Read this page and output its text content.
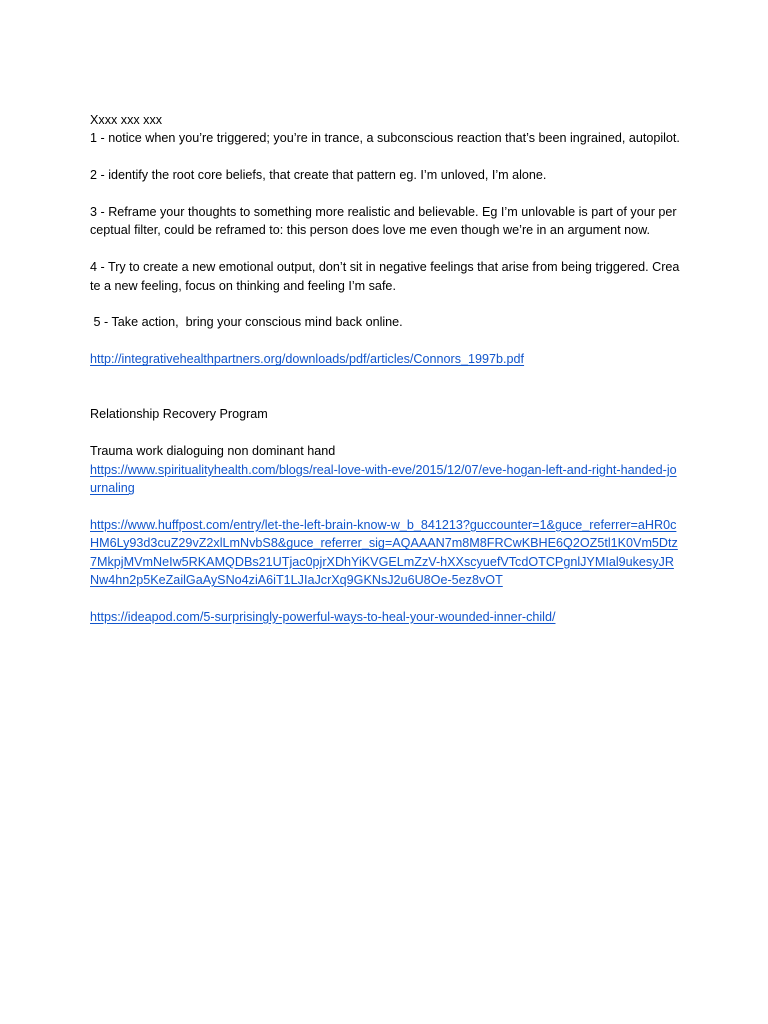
Xxxx xxx xxx
1 - notice when you’re triggered; you’re in trance, a subconscious reaction that’s been ingrained, autopilot.
2 - identify the root core beliefs, that create that pattern eg. I’m unloved, I’m alone.
3 - Reframe your thoughts to something more realistic and believable. Eg I’m unlovable is part of your perceptual filter, could be reframed to: this person does love me even though we’re in an argument now.
4 - Try to create a new emotional output, don’t sit in negative feelings that arise from being triggered. Create a new feeling, focus on thinking and feeling I’m safe.
5 - Take action,  bring your conscious mind back online.
http://integrativehealthpartners.org/downloads/pdf/articles/Connors_1997b.pdf
Relationship Recovery Program
Trauma work dialoguing non dominant hand
https://www.spiritualityhealth.com/blogs/real-love-with-eve/2015/12/07/eve-hogan-left-and-right-handed-journaling
https://www.huffpost.com/entry/let-the-left-brain-know-w_b_841213?guccounter=1&guce_referrer=aHR0cHM6Ly93d3cuZ29vZ2xlLmNvbS8&guce_referrer_sig=AQAAAN7m8M8FRCwKBHE6Q2OZ5tl1K0Vm5Dtz7MkpjMVmNeIw5RKAMQDBs21UTjac0pjrXDhYiKVGELmZzV-hXXscyuefVTcdOTCPgnlJYMIal9ukesyJRNw4hn2p5KeZailGaAySNo4ziA6iT1LJIaJcrXq9GKNsJ2u6U8Oe-5ez8vOT
https://ideapod.com/5-surprisingly-powerful-ways-to-heal-your-wounded-inner-child/
